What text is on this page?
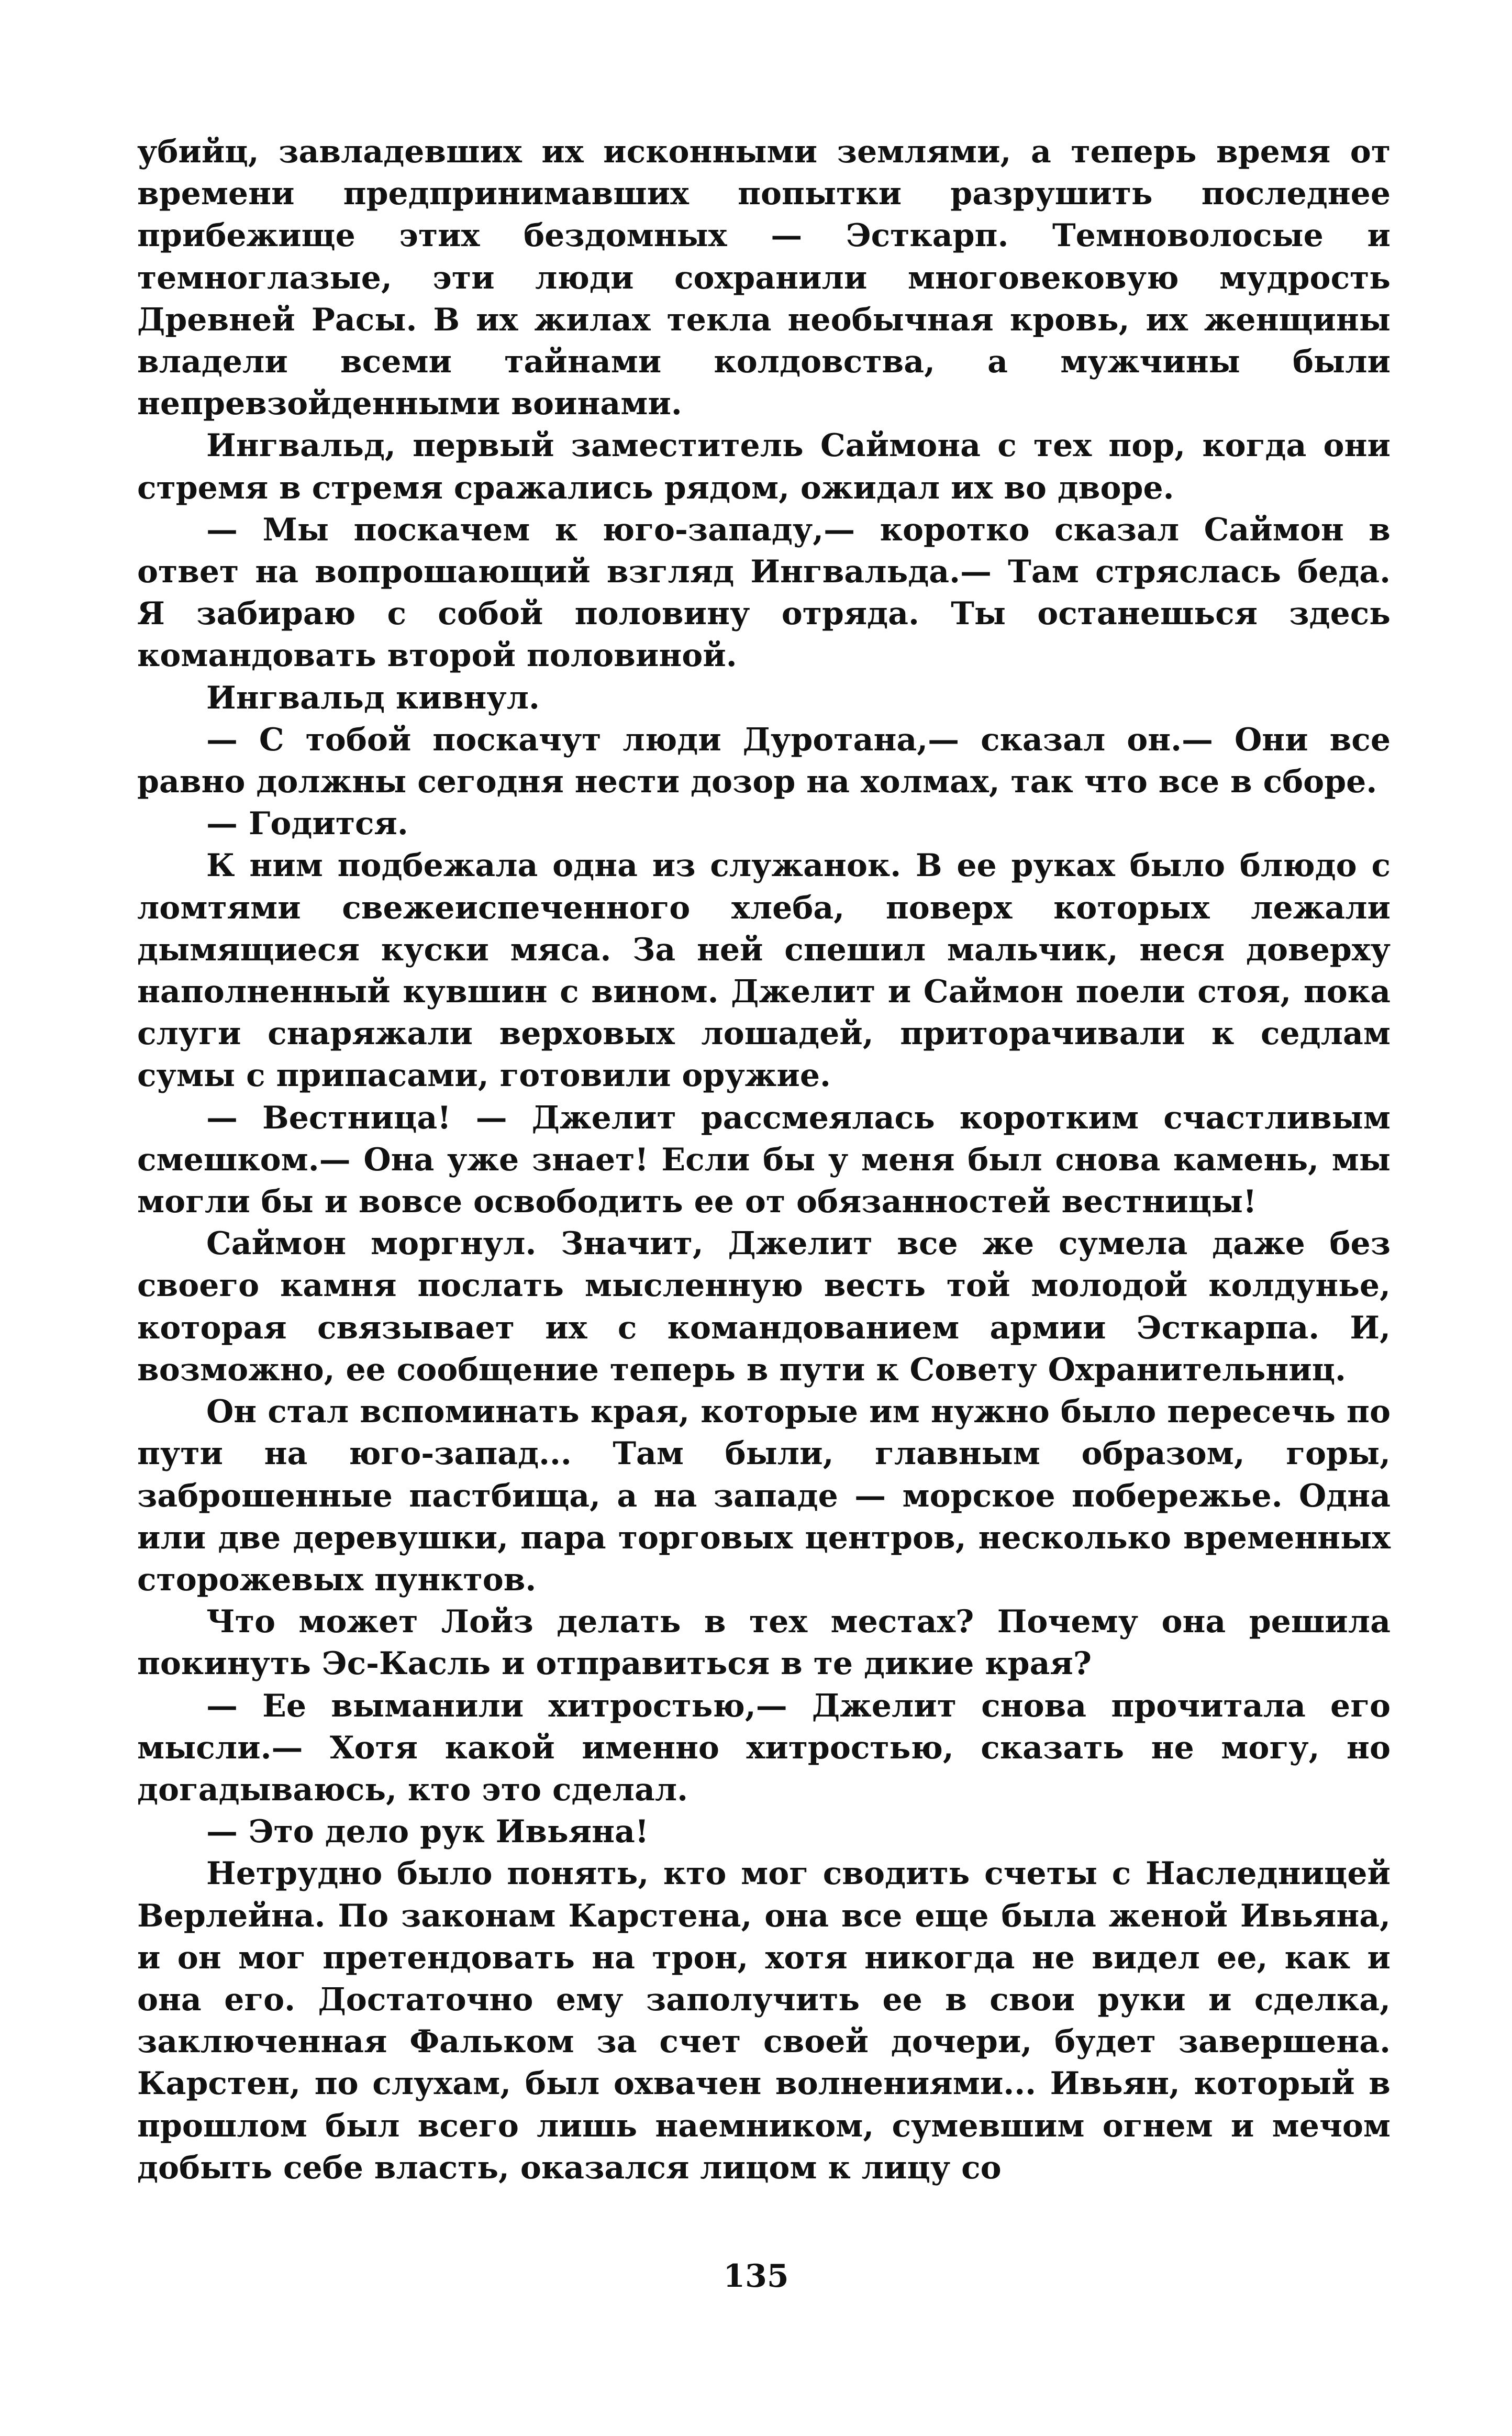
убийц, завладевших их исконными землями, а теперь время от времени предпринимавших попытки разрушить последнее прибежище этих бездомных — Эсткарп. Темноволосые и темноглазые, эти люди сохранили многовековую мудрость Древней Расы. В их жилах текла необычная кровь, их женщины владели всеми тайнами колдовства, а мужчины были непревзойденными воинами.

Ингвальд, первый заместитель Саймона с тех пор, когда они стремя в стремя сражались рядом, ожидал их во дворе.

— Мы поскачем к юго-западу,— коротко сказал Саймон в ответ на вопрошающий взгляд Ингвальда.— Там стряслась беда. Я забираю с собой половину отряда. Ты останешься здесь командовать второй половиной.

Ингвальд кивнул.

— С тобой поскачут люди Дуротана,— сказал он.— Они все равно должны сегодня нести дозор на холмах, так что все в сборе.

— Годится.

К ним подбежала одна из служанок. В ее руках было блюдо с ломтями свежеиспеченного хлеба, поверх которых лежали дымящиеся куски мяса. За ней спешил мальчик, неся доверху наполненный кувшин с вином. Джелит и Саймон поели стоя, пока слуги снаряжали верховых лошадей, приторачивали к седлам сумы с припасами, готовили оружие.

— Вестница! — Джелит рассмеялась коротким счастливым смешком.— Она уже знает! Если бы у меня был снова камень, мы могли бы и вовсе освободить ее от обязанностей вестницы!

Саймон моргнул. Значит, Джелит все же сумела даже без своего камня послать мысленную весть той молодой колдунье, которая связывает их с командованием армии Эсткарпа. И, возможно, ее сообщение теперь в пути к Совету Охранительниц.

Он стал вспоминать края, которые им нужно было пересечь по пути на юго-запад... Там были, главным образом, горы, заброшенные пастбища, а на западе — морское побережье. Одна или две деревушки, пара торговых центров, несколько временных сторожевых пунктов.

Что может Лойз делать в тех местах? Почему она решила покинуть Эс-Касль и отправиться в те дикие края?

— Ее выманили хитростью,— Джелит снова прочитала его мысли.— Хотя какой именно хитростью, сказать не могу, но догадываюсь, кто это сделал.

— Это дело рук Ивьяна!

Нетрудно было понять, кто мог сводить счеты с Наследницей Верлейна. По законам Карстена, она все еще была женой Ивьяна, и он мог претендовать на трон, хотя никогда не видел ее, как и она его. Достаточно ему заполучить ее в свои руки и сделка, заключенная Фальком за счет своей дочери, будет завершена. Карстен, по слухам, был охвачен волнениями... Ивьян, который в прошлом был всего лишь наемником, сумевшим огнем и мечом добыть себе власть, оказался лицом к лицу со

135
